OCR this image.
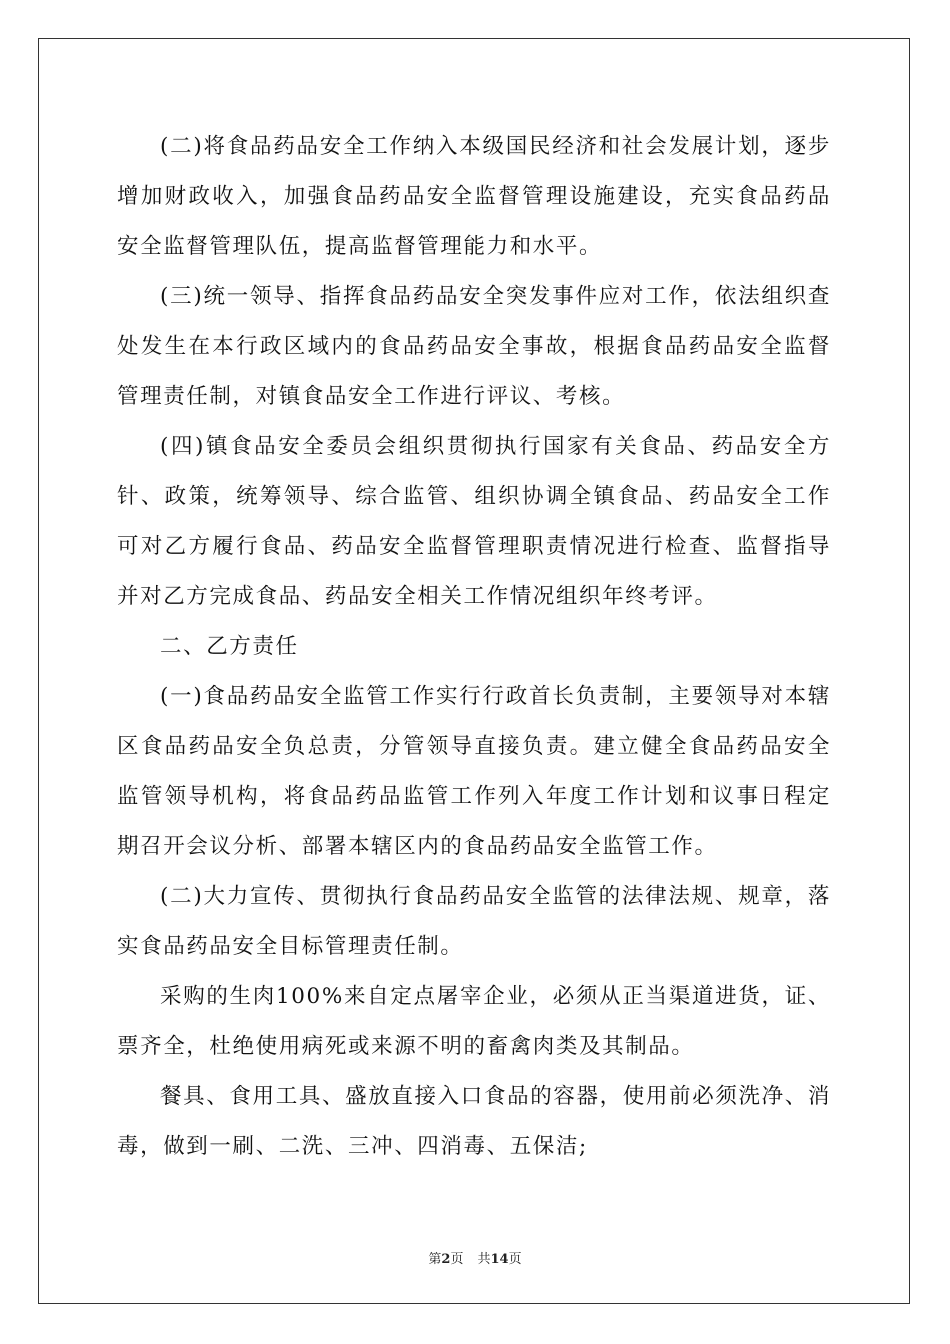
(二)将食品药品安全工作纳入本级国民经济和社会发展计划，逐步增加财政收入，加强食品药品安全监督管理设施建设，充实食品药品安全监督管理队伍，提高监督管理能力和水平。

(三)统一领导、指挥食品药品安全突发事件应对工作，依法组织查处发生在本行政区域内的食品药品安全事故，根据食品药品安全监督管理责任制，对镇食品安全工作进行评议、考核。

(四)镇食品安全委员会组织贯彻执行国家有关食品、药品安全方针、政策，统筹领导、综合监管、组织协调全镇食品、药品安全工作可对乙方履行食品、药品安全监督管理职责情况进行检查、监督指导并对乙方完成食品、药品安全相关工作情况组织年终考评。

二、乙方责任

(一)食品药品安全监管工作实行行政首长负责制，主要领导对本辖区食品药品安全负总责，分管领导直接负责。建立健全食品药品安全监管领导机构，将食品药品监管工作列入年度工作计划和议事日程定期召开会议分析、部署本辖区内的食品药品安全监管工作。

(二)大力宣传、贯彻执行食品药品安全监管的法律法规、规章，落实食品药品安全目标管理责任制。

采购的生肉100%来自定点屠宰企业，必须从正当渠道进货，证、票齐全，杜绝使用病死或来源不明的畜禽肉类及其制品。

餐具、食用工具、盛放直接入口食品的容器，使用前必须洗净、消毒，做到一刷、二洗、三冲、四消毒、五保洁;

第2页 共14页
